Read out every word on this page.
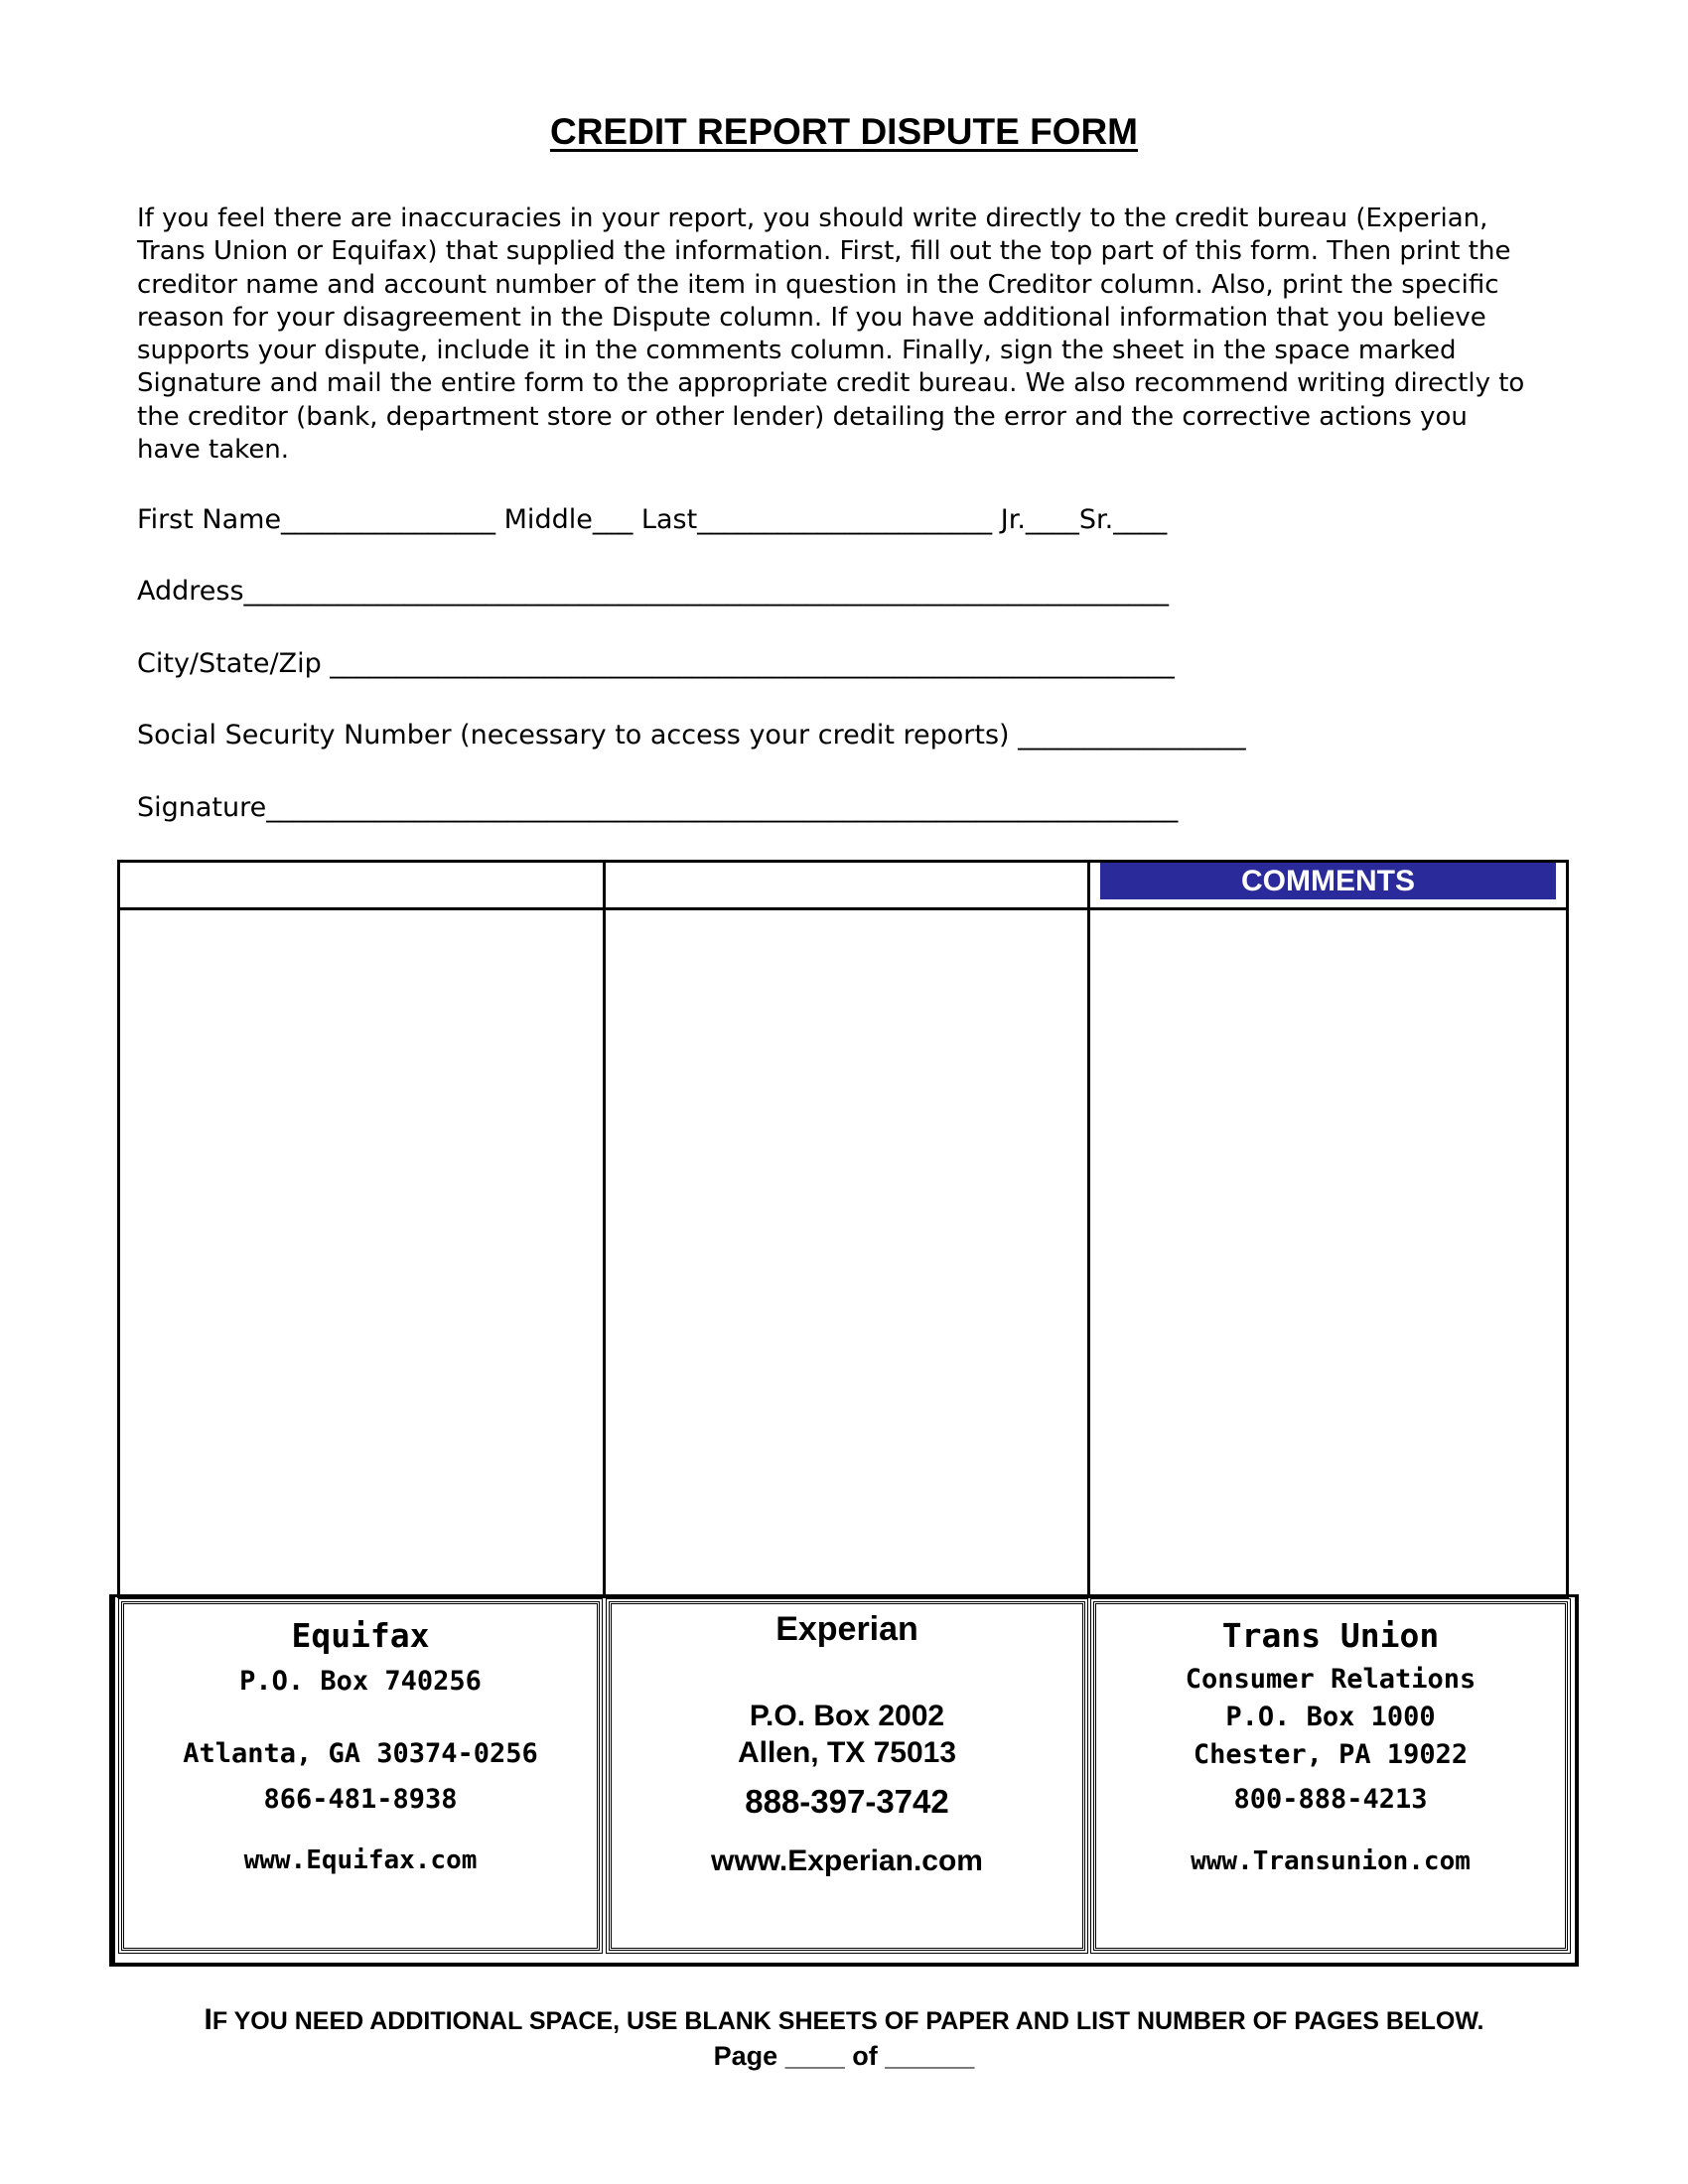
CREDIT REPORT DISPUTE FORM

If you feel there are inaccuracies in your report, you should write directly to the credit bureau (Experian, Trans Union or Equifax) that supplied the information. First, fill out the top part of this form. Then print the creditor name and account number of the item in question in the Creditor column. Also, print the specific reason for your disagreement in the Dispute column. If you have additional information that you believe supports your dispute, include it in the comments column. Finally, sign the sheet in the space marked Signature and mail the entire form to the appropriate credit bureau. We also recommend writing directly to the creditor (bank, department store or other lender) detailing the error and the corrective actions you have taken.

First Name________________ Middle___ Last______________________ Jr.____Sr.____
Address_____________________________________________________________________
City/State/Zip _______________________________________________________________
Social Security Number (necessary to access your credit reports) _________________
Signature____________________________________________________________________
COMMENTS
Equifax
P.O. Box 740256
Atlanta, GA 30374-0256
866-481-8938
www.Equifax.com
Experian
P.O. Box 2002
Allen, TX 75013
888-397-3742
www.Experian.com
Trans Union
Consumer Relations
P.O. Box 1000
Chester, PA 19022
800-888-4213
www.Transunion.com
IF YOU NEED ADDITIONAL SPACE, USE BLANK SHEETS OF PAPER AND LIST NUMBER OF PAGES BELOW.
Page ____ of ______
